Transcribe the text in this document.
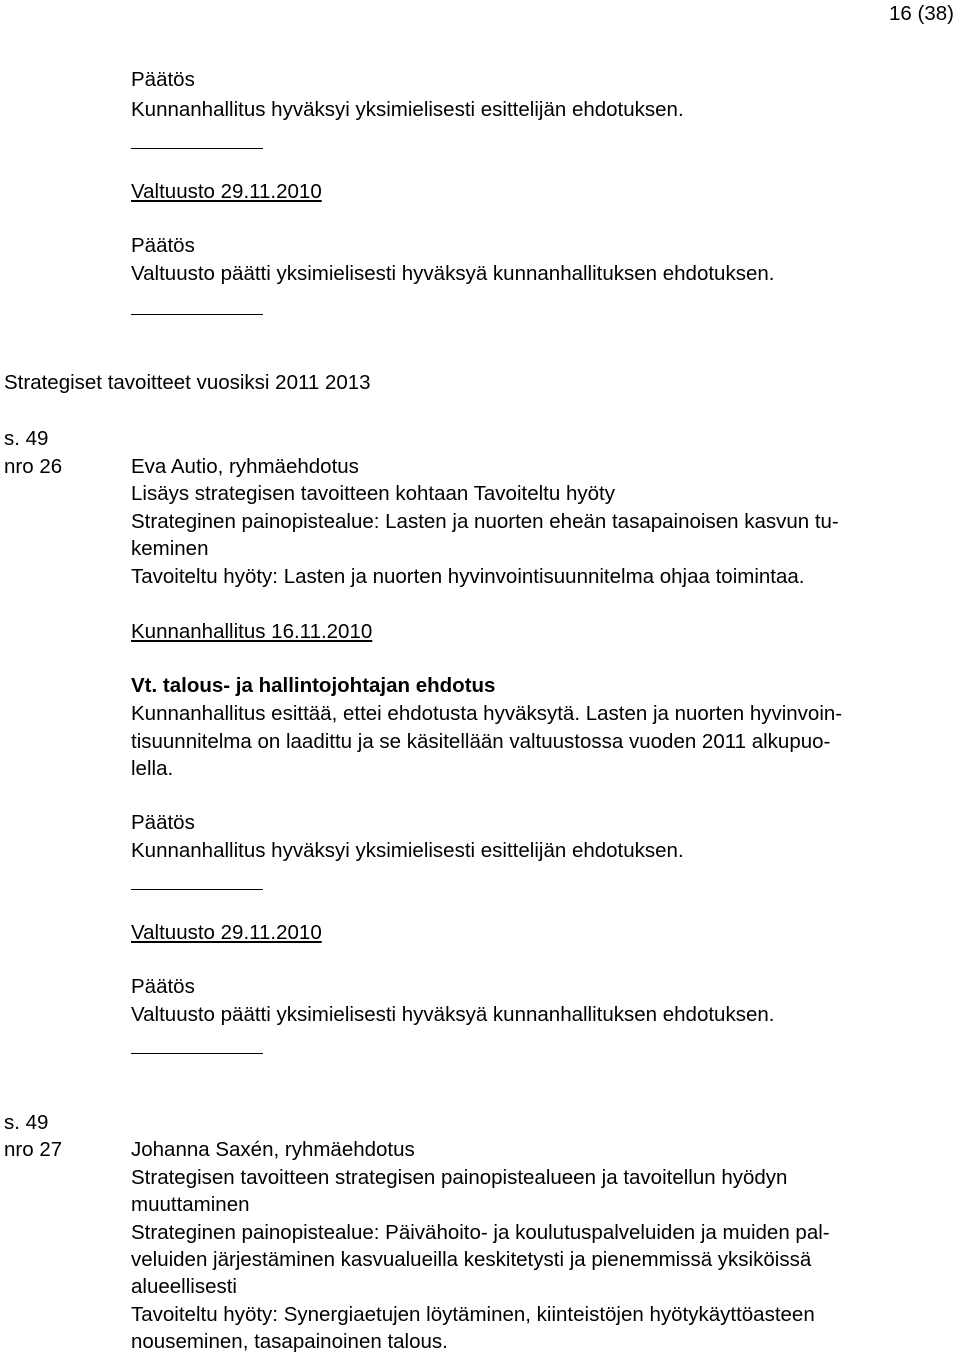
16 (38)
Päätös
Kunnanhallitus hyväksyi yksimielisesti esittelijän ehdotuksen.
Valtuusto 29.11.2010
Päätös
Valtuusto päätti yksimielisesti hyväksyä kunnanhallituksen ehdotuksen.
Strategiset tavoitteet vuosiksi 2011 2013
s. 49
nro 26	Eva Autio, ryhmäehdotus
Lisäys strategisen tavoitteen kohtaan Tavoiteltu hyöty
Strateginen painopistealue: Lasten ja nuorten eheän tasapainoisen kasvun tu-
keminen
Tavoiteltu hyöty: Lasten ja nuorten hyvinvointisuunnitelma ohjaa toimintaa.
Kunnanhallitus 16.11.2010
Vt. talous- ja hallintojohtajan ehdotus
Kunnanhallitus esittää, ettei ehdotusta hyväksytä. Lasten ja nuorten hyvinvoin-
tisuunnitelma on laadittu ja se käsitellään valtuustossa vuoden 2011 alkupuo-
lella.
Päätös
Kunnanhallitus hyväksyi yksimielisesti esittelijän ehdotuksen.
Valtuusto 29.11.2010
Päätös
Valtuusto päätti yksimielisesti hyväksyä kunnanhallituksen ehdotuksen.
s. 49
nro 27	Johanna Saxén, ryhmäehdotus
Strategisen tavoitteen strategisen painopistealueen ja tavoitellun hyödyn
muuttaminen
Strateginen painopistealue: Päivähoito- ja koulutuspalveluiden ja muiden pal-
veluiden järjestäminen kasvualueilla keskitetysti ja pienemmissä yksiköissä
alueellisesti
Tavoiteltu hyöty: Synergiaetujen löytäminen, kiinteistöjen hyötykäyttöasteen
nouseminen, tasapainoinen talous.
